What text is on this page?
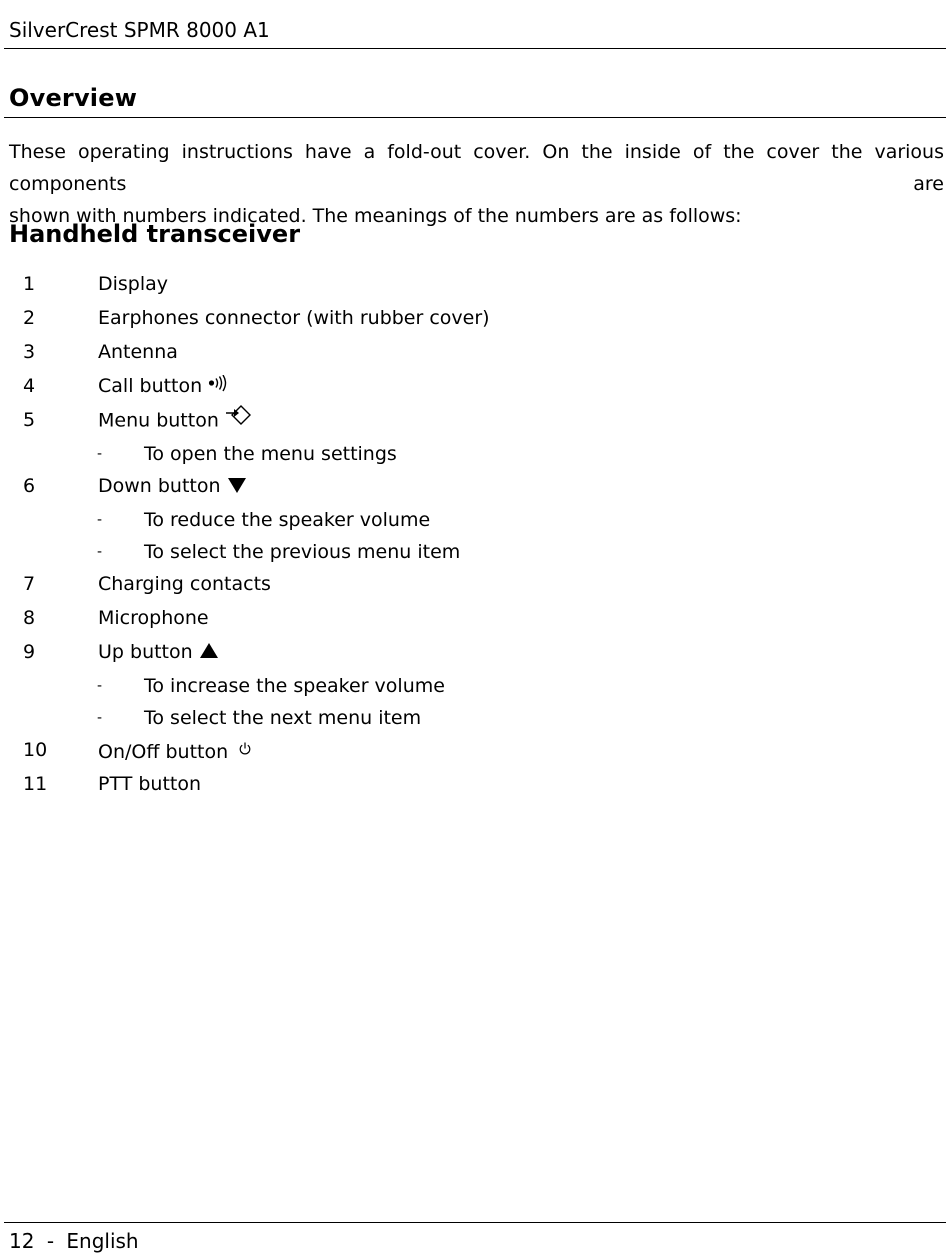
SilverCrest SPMR 8000 A1
Overview
These operating instructions have a fold-out cover. On the inside of the cover the various components are
shown with numbers indicated. The meanings of the numbers are as follows:
Handheld transceiver
1	Display
2	Earphones connector (with rubber cover)
3	Antenna
4	Call button
5	Menu button
- To open the menu settings
6	Down button
- To reduce the speaker volume
- To select the previous menu item
7	Charging contacts
8	Microphone
9	Up button
- To increase the speaker volume
- To select the next menu item
10	On/Off button
11	PTT button
12 - English
